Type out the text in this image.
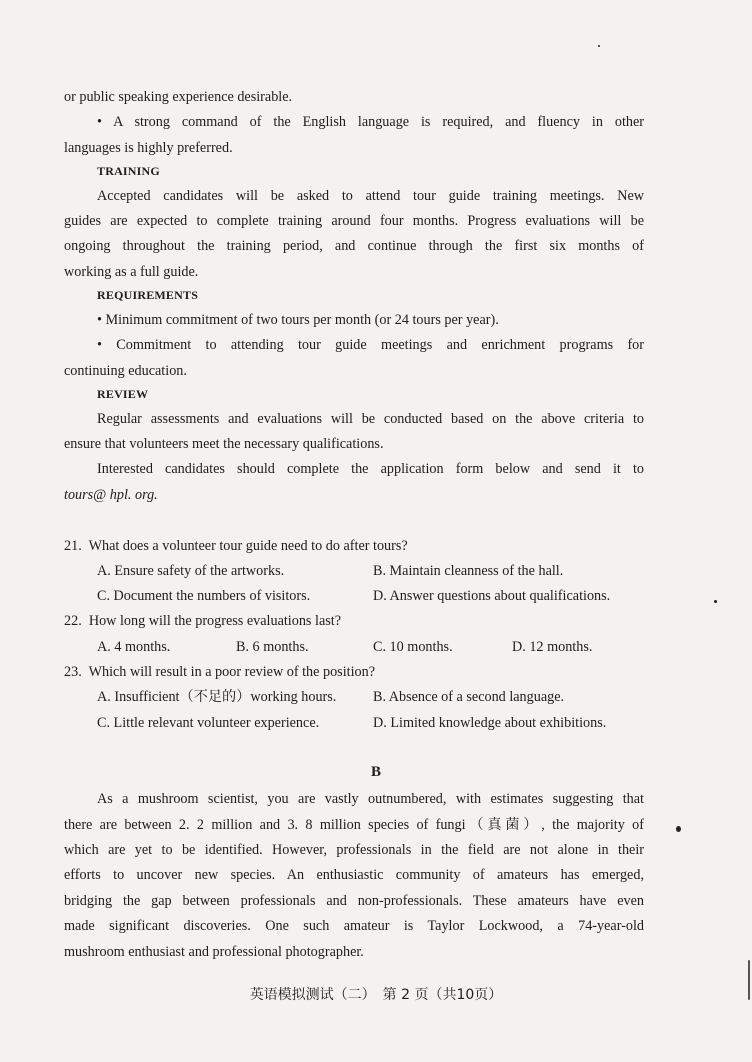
or public speaking experience desirable.
• A strong command of the English language is required, and fluency in other
languages is highly preferred.
TRAINING
Accepted candidates will be asked to attend tour guide training meetings. New
guides are expected to complete training around four months. Progress evaluations will be
ongoing throughout the training period, and continue through the first six months of
working as a full guide.
REQUIREMENTS
• Minimum commitment of two tours per month (or 24 tours per year).
• Commitment to attending tour guide meetings and enrichment programs for
continuing education.
REVIEW
Regular assessments and evaluations will be conducted based on the above criteria to
ensure that volunteers meet the necessary qualifications.
Interested candidates should complete the application form below and send it to
tours@ hpl. org.
21. What does a volunteer tour guide need to do after tours?
A. Ensure safety of the artworks.	B. Maintain cleanness of the hall.
C. Document the numbers of visitors.	D. Answer questions about qualifications.
22. How long will the progress evaluations last?
A. 4 months.	B. 6 months.	C. 10 months.	D. 12 months.
23. Which will result in a poor review of the position?
A. Insufficient（不足的）working hours.	B. Absence of a second language.
C. Little relevant volunteer experience.	D. Limited knowledge about exhibitions.
B
As a mushroom scientist, you are vastly outnumbered, with estimates suggesting that
there are between 2. 2 million and 3. 8 million species of fungi（真菌）, the majority of
which are yet to be identified. However, professionals in the field are not alone in their
efforts to uncover new species. An enthusiastic community of amateurs has emerged,
bridging the gap between professionals and non-professionals. These amateurs have even
made significant discoveries. One such amateur is Taylor Lockwood, a 74-year-old
mushroom enthusiast and professional photographer.
英语模拟测试（二）　第 2 页（共10页）
